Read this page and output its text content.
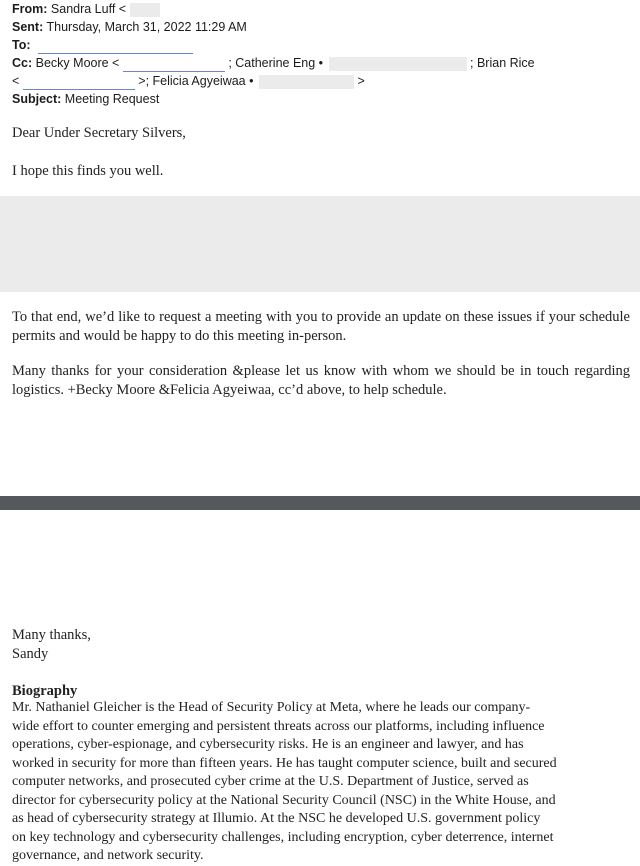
From: Sandra Luff <
Sent: Thursday, March 31, 2022 11:29 AM
To:
Cc: Becky Moore <	; Catherine Eng •	; Brian Rice
<	>; Felicia Agyeiwaa •	>
Subject: Meeting Request
Dear Under Secretary Silvers,
I hope this finds you well.
To that end, we’d like to request a meeting with you to provide an update on these issues if your schedule permits and would be happy to do this meeting in-person.
Many thanks for your consideration &please let us know with whom we should be in touch regarding logistics. +Becky Moore &Felicia Agyeiwaa, cc’d above, to help schedule.
Many thanks,
Sandy
Biography
Mr. Nathaniel Gleicher is the Head of Security Policy at Meta, where he leads our company-
wide effort to counter emerging and persistent threats across our platforms, including influence
operations, cyber-espionage, and cybersecurity risks. He is an engineer and lawyer, and has
worked in security for more than fifteen years. He has taught computer science, built and secured
computer networks, and prosecuted cyber crime at the U.S. Department of Justice, served as
director for cybersecurity policy at the National Security Council (NSC) in the White House, and
as head of cybersecurity strategy at Illumio. At the NSC he developed U.S. government policy
on key technology and cybersecurity challenges, including encryption, cyber deterrence, internet
governance, and network security.
